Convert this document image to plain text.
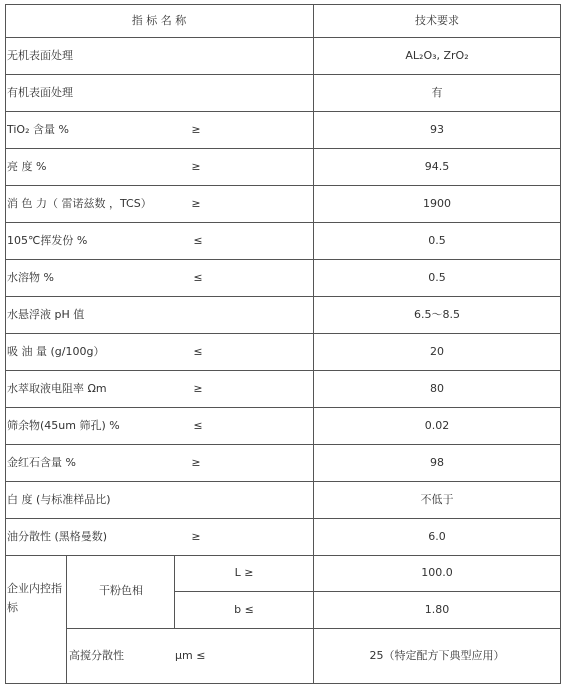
指 标 名 称	技术要求
无机表面处理	AL₂O₃, ZrO₂
有机表面处理	有
TiO₂ 含量 %	≥	93
亮 度 %	≥	94.5
消 色 力（ 雷诺兹数 ，TCS）	≥	1900
105℃挥发份 %	≤	0.5
水溶物 %	≤	0.5
水悬浮液 pH 值	6.5～8.5
吸 油 量 (g/100g）	≤	20
水萃取液电阻率 Ωm	≥	80
筛余物(45um 筛孔) %	≤	0.02
金红石含量 %	≥	98
白 度 (与标准样品比)	不低于
油分散性 (黑格曼数)	≥	6.0
企业内控指
标
干粉色相
L ≥	100.0
b ≤	1.80
高搅分散性	μm ≤	25（特定配方下典型应用）
